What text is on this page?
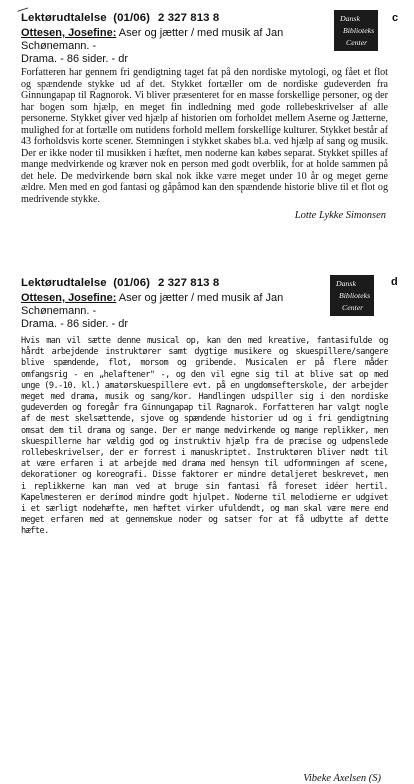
Lektørudtalelse (01/06) 2 327 813 8	Dansk
Biblioteks
Center
c
Ottesen, Josefine: Aser og jætter / med musik af Jan Schønemann. -
Drama. - 86 sider. - dr

Forfatteren har gennem fri gendigtning taget fat på den nordiske mytologi, og fået et flot og spændende stykke ud af det. Stykket fortæller om de nordiske gudeverden fra Ginnungapap til Ragnorok. Vi bliver præsenteret for en masse forskellige personer, og der har bogen som hjælp, en meget fin indledning med gode rollebeskrivelser af alle personerne. Stykket giver ved hjælp af historien om forholdet mellem Aserne og Jætterne, mulighed for at fortælle om nutidens forhold mellem forskellige kulturer. Stykket består af 43 forholdsvis korte scener. Stemningen i stykket skabes bl.a. ved hjælp af sang og musik. Der er ikke noder til musikken i hæftet, men noderne kan købes separat. Stykket spilles af mange medvirkende og kræver nok en person med godt overblik, for at holde sammen på det hele. De medvirkende børn skal nok ikke være meget under 10 år og meget gerne ældre. Men med en god fantasi og gåpåmod kan den spændende historie blive til et flot og medrivende stykke.

Lotte Lykke Simonsen
Lektørudtalelse (01/06) 2 327 813 8	Dansk
Biblioteks
Center
d
Ottesen, Josefine: Aser og jætter / med musik af Jan Schønemann. -
Drama. - 86 sider. - dr

Hvis man vil sætte denne musical op, kan den med kreative, fantasifulde og hårdt arbejdende instruktører samt dygtige musikere og skuespillere/sangere blive spændende, flot, morsom og gribende. Musicalen er på flere måder omfangsrig - en „helaftener" -, og den vil egne sig til at blive sat op med unge (9.-10. kl.) amatørskuespillere evt. på en ungdomsefterskole, der arbejder meget med drama, musik og sang/kor. Handlingen udspiller sig i den nordiske gudeverden og foregår fra Ginnungapap til Ragnarok. Forfatteren har valgt nogle af de mest skelsættende, sjove og spændende historier ud og i fri gendigtning omsat dem til drama og sange. Der er mange medvirkende og mange replikker, men skuespillerne har vældig god og instruktiv hjælp fra de præcise og udpenslede rollebeskrivelser, der er forrest i manuskriptet. Instruktøren bliver nødt til at være erfaren i at arbejde med drama med hensyn til udformningen af scene, dekorationer og koreografi. Disse faktorer er mindre detaljeret beskrevet, men i replikkerne kan man ved at bruge sin fantasi få foreset idéer hertil. Kapelmesteren er derimod mindre godt hjulpet. Noderne til melodierne er udgivet i et særligt nodehæfte, men hæftet virker ufuldendt, og man skal være mere end meget erfaren med at gennemskue noder og satser for at få udbytte af dette hæfte.

Vibeke Axelsen (S)
